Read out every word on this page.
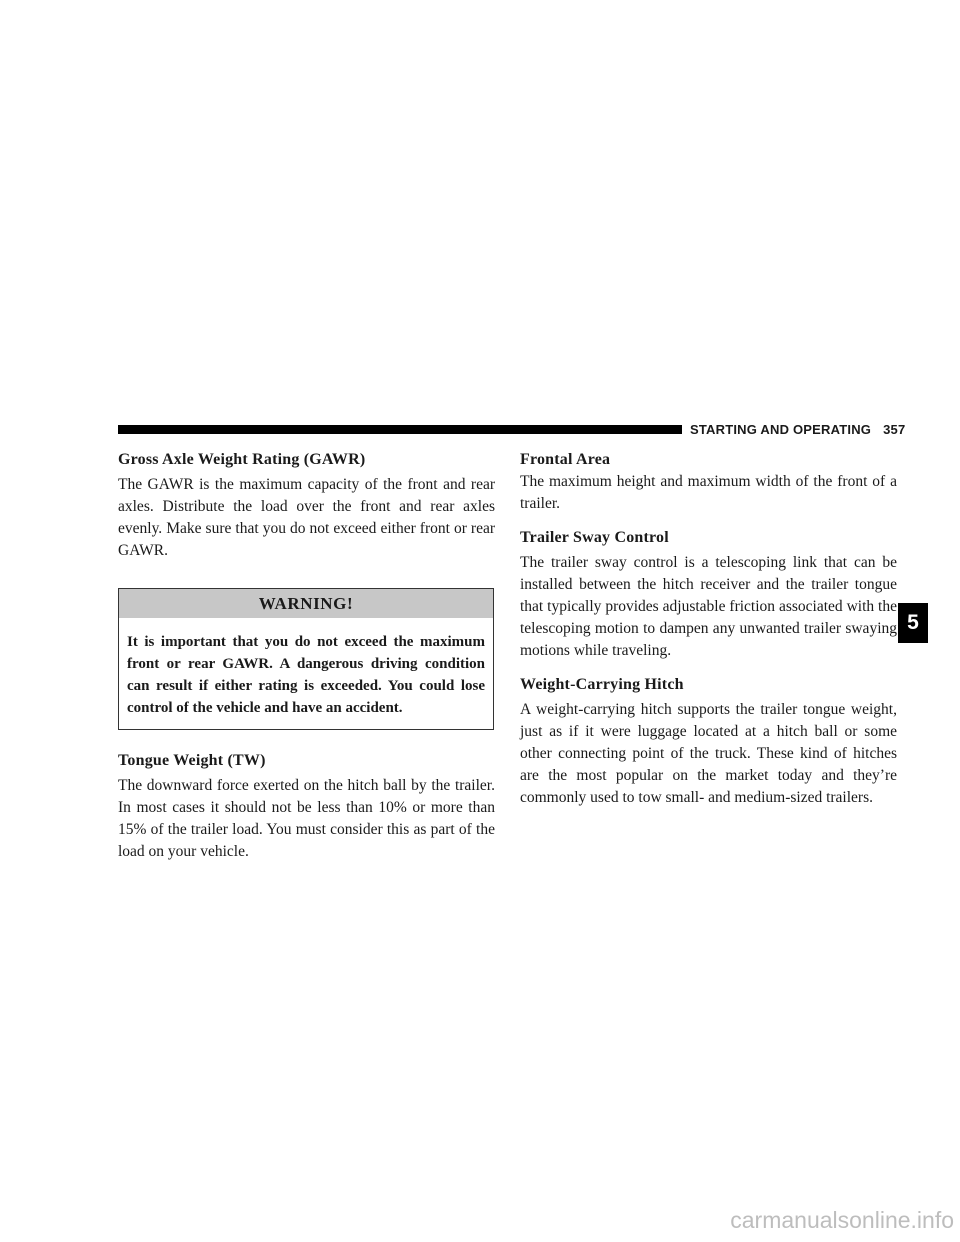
STARTING AND OPERATING 357
Gross Axle Weight Rating (GAWR)

The GAWR is the maximum capacity of the front and rear axles. Distribute the load over the front and rear axles evenly. Make sure that you do not exceed either front or rear GAWR.

WARNING!
It is important that you do not exceed the maximum front or rear GAWR. A dangerous driving condition can result if either rating is exceeded. You could lose control of the vehicle and have an accident.
Tongue Weight (TW)

The downward force exerted on the hitch ball by the trailer. In most cases it should not be less than 10% or more than 15% of the trailer load. You must consider this as part of the load on your vehicle.

Frontal Area

The maximum height and maximum width of the front of a trailer.

Trailer Sway Control

The trailer sway control is a telescoping link that can be installed between the hitch receiver and the trailer tongue that typically provides adjustable friction associated with the telescoping motion to dampen any unwanted trailer swaying motions while traveling.

Weight-Carrying Hitch

A weight-carrying hitch supports the trailer tongue weight, just as if it were luggage located at a hitch ball or some other connecting point of the truck. These kind of hitches are the most popular on the market today and they’re commonly used to tow small- and medium-sized trailers.

5
carmanualsonline.info
